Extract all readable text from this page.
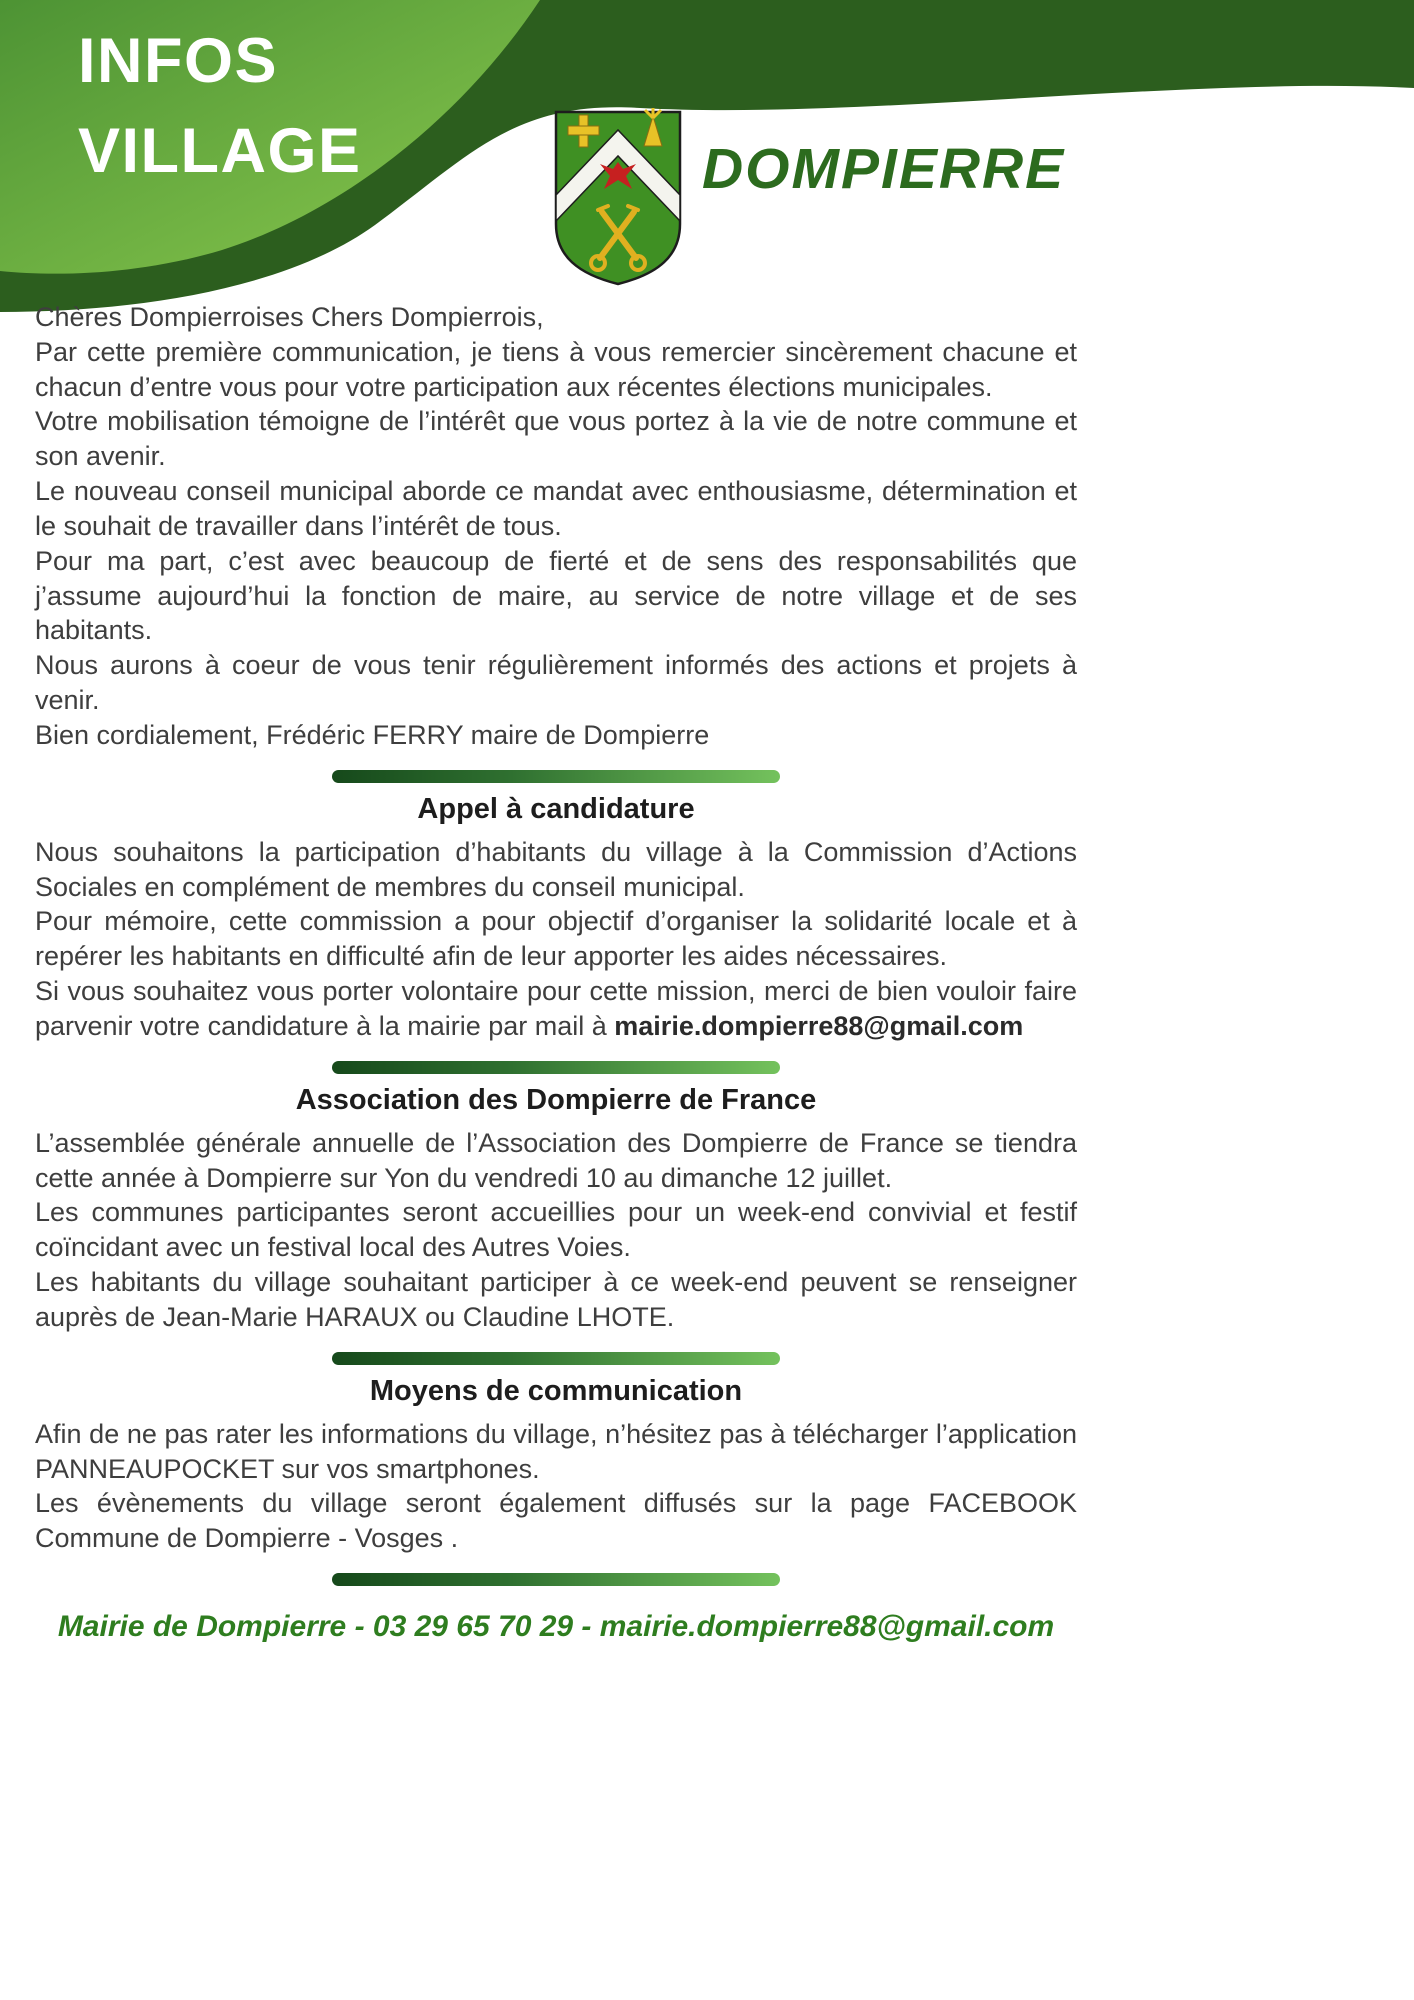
INFOS
VILLAGE	DOMPIERRE

Chères Dompierroises Chers Dompierrois,

Par cette première communication, je tiens à vous remercier sincèrement chacune et chacun d’entre vous pour votre participation aux récentes élections municipales.

Votre mobilisation témoigne de l’intérêt que vous portez à la vie de notre commune et son avenir.

Le nouveau conseil municipal aborde ce mandat avec enthousiasme, détermination et le souhait de travailler dans l’intérêt de tous.

Pour ma part, c’est avec beaucoup de fierté et de sens des responsabilités que j’assume aujourd’hui la fonction de maire, au service de notre village et de ses habitants.

Nous aurons à coeur de vous tenir régulièrement informés des actions et projets à venir.

Bien cordialement, Frédéric FERRY maire de Dompierre

Appel à candidature

Nous souhaitons la participation d’habitants du village à la Commission d’Actions Sociales en complément de membres du conseil municipal.

Pour mémoire, cette commission a pour objectif d’organiser la solidarité locale et à repérer les habitants en difficulté afin de leur apporter les aides nécessaires.

Si vous souhaitez vous porter volontaire pour cette mission, merci de bien vouloir faire parvenir votre candidature à la mairie par mail à mairie.dompierre88@gmail.com

Association des Dompierre de France

L’assemblée générale annuelle de l’Association des Dompierre de France se tiendra cette année à Dompierre sur Yon du vendredi 10 au dimanche 12 juillet.

Les communes participantes seront accueillies pour un week-end convivial et festif coïncidant avec un festival local des Autres Voies.

Les habitants du village souhaitant participer à ce week-end peuvent se renseigner auprès de Jean-Marie HARAUX ou Claudine LHOTE.

Moyens de communication

Afin de ne pas rater les informations du village, n’hésitez pas à télécharger l’application PANNEAUPOCKET sur vos smartphones.

Les évènements du village seront également diffusés sur la page FACEBOOK Commune de Dompierre - Vosges .

Mairie de Dompierre - 03 29 65 70 29 - mairie.dompierre88@gmail.com
